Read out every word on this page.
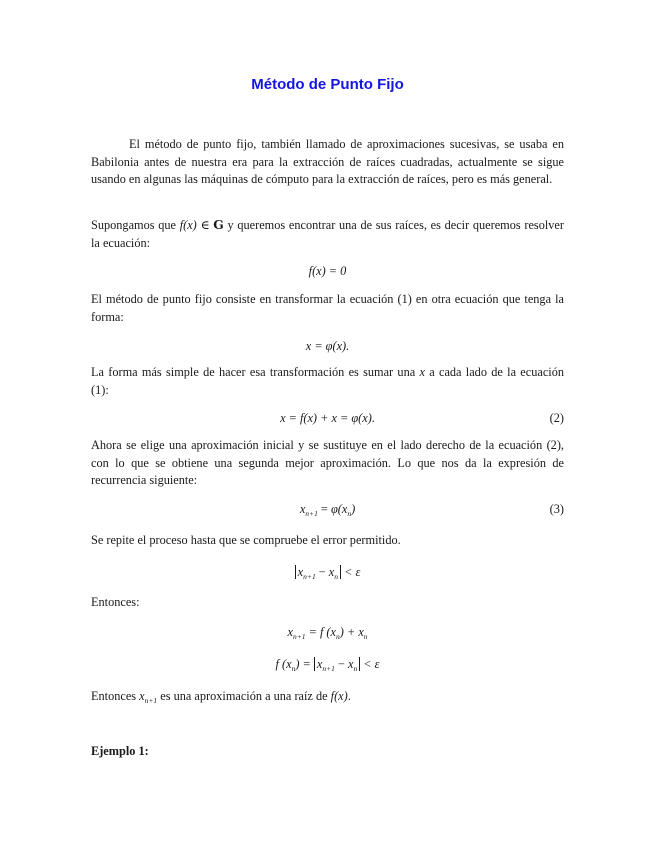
Método de Punto Fijo

El método de punto fijo, también llamado de aproximaciones sucesivas, se usaba en Babilonia antes de nuestra era para la extracción de raíces cuadradas, actualmente se sigue usando en algunas las máquinas de cómputo para la extracción de raíces, pero es más general.

Supongamos que f(x) ∈ G y queremos encontrar una de sus raíces, es decir queremos resolver la ecuación:

f(x) = 0

El método de punto fijo consiste en transformar la ecuación (1) en otra ecuación que tenga la forma:

x = φ(x).

La forma más simple de hacer esa transformación es sumar una x a cada lado de la ecuación (1):

x = f(x) + x = φ(x).	(2)

Ahora se elige una aproximación inicial y se sustituye en el lado derecho de la ecuación (2), con lo que se obtiene una segunda mejor aproximación. Lo que nos da la expresión de recurrencia siguiente:

$x_{n+1} = \varphi(x_n)$	(3)

Se repite el proceso hasta que se compruebe el error permitido.

$x_{n+1} - x_n < \varepsilon$

Entonces:

$x_{n+1} = f$ $(x_n) + x_n$
f $(x_n) = x_{n+1} - x_n < \varepsilon$

Entonces $x_{n+1}$ es una aproximación a una raíz de f(x).

Ejemplo 1:
